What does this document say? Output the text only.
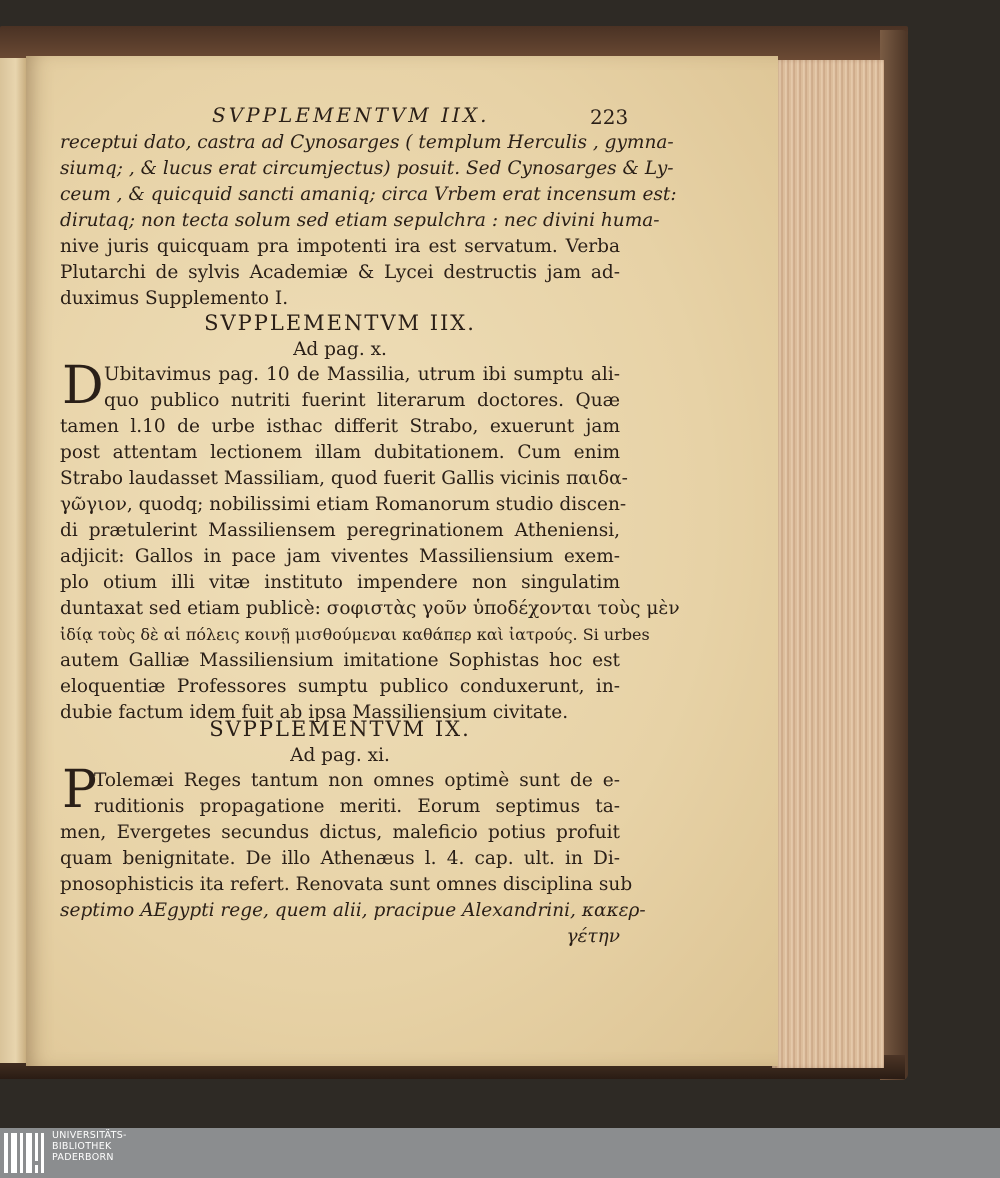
SVPPLEMENTVM IIX.	223
receptui dato, castra ad Cynosarges ( templum Herculis , gymna-
siumq; , & lucus erat circumjectus) posuit. Sed Cynosarges & Ly-
ceum , & quicquid sancti amaniq; circa Vrbem erat incensum est:
dirutaq; non tecta solum sed etiam sepulchra : nec divini huma-
nive juris quicquam pra impotenti ira est servatum. Verba
Plutarchi de sylvis Academiæ & Lycei destructis jam ad-
duximus Supplemento I.
SVPPLEMENTVM IIX.
Ad pag. x.
D Ubitavimus pag. 10 de Massilia, utrum ibi sumptu ali-
quo publico nutriti fuerint literarum doctores. Quæ
tamen l.10 de urbe isthac differit Strabo, exuerunt jam
post attentam lectionem illam dubitationem. Cum enim
Strabo laudasset Massiliam, quod fuerit Gallis vicinis παιδα-
γῶγιον, quodq; nobilissimi etiam Romanorum studio discen-
di prætulerint Massiliensem peregrinationem Atheniensi,
adjicit: Gallos in pace jam viventes Massiliensium exem-
plo otium illi vitæ instituto impendere non singulatim
duntaxat sed etiam publicè: σοφιστὰς γοῦν ὑποδέχονται τοὺς μὲν
ἰδίᾳ τοὺς δὲ αἱ πόλεις κοινῇ μισθούμεναι καθάπερ καὶ ἰατρούς. Si urbes
autem Galliæ Massiliensium imitatione Sophistas hoc est
eloquentiæ Professores sumptu publico conduxerunt, in-
dubie factum idem fuit ab ipsa Massiliensium civitate.
SVPPLEMENTVM IX.
Ad pag. xi.
P
Tolemæi Reges tantum non omnes optimè sunt de e-
ruditionis propagatione meriti. Eorum septimus ta-
men, Evergetes secundus dictus, maleficio potius profuit
quam benignitate. De illo Athenæus l. 4. cap. ult. in Di-
pnosophisticis ita refert. Renovata sunt omnes disciplina sub
septimo AEgypti rege, quem alii, pracipue Alexandrini, κακερ-
γέτην
UNIVERSITÄTS-
BIBLIOTHEK
PADERBORN
